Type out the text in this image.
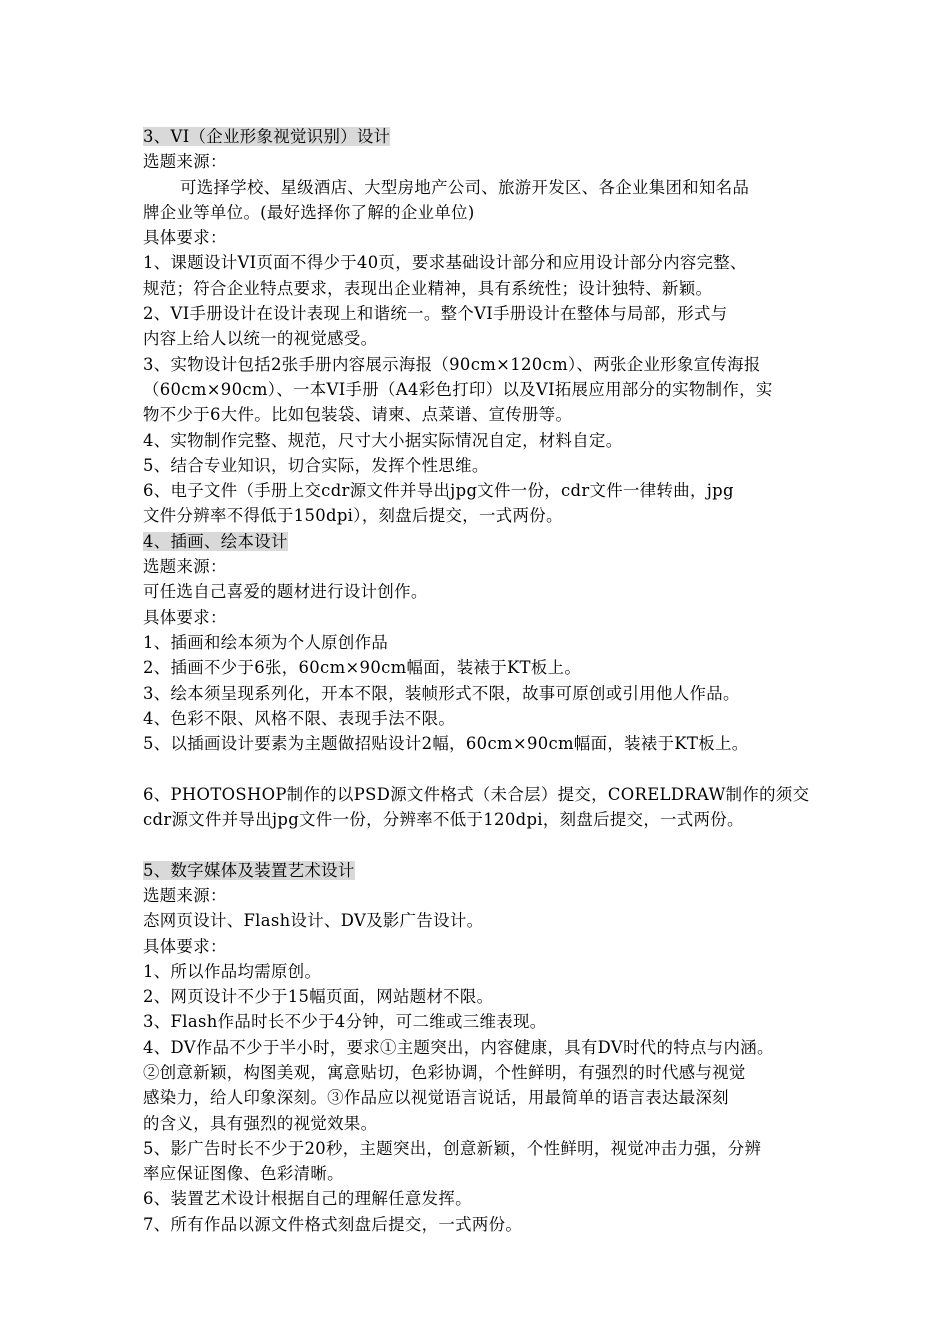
3、VI（企业形象视觉识别）设计
选题来源：
可选择学校、星级酒店、大型房地产公司、旅游开发区、各企业集团和知名品
牌企业等单位。(最好选择你了解的企业单位)
具体要求：
1、课题设计VI页面不得少于40页，要求基础设计部分和应用设计部分内容完整、
规范；符合企业特点要求，表现出企业精神，具有系统性；设计独特、新颖。
2、VI手册设计在设计表现上和谐统一。整个VI手册设计在整体与局部，形式与
内容上给人以统一的视觉感受。
3、实物设计包括2张手册内容展示海报（90cm×120cm）、两张企业形象宣传海报
（60cm×90cm）、一本VI手册（A4彩色打印）以及VI拓展应用部分的实物制作，实
物不少于6大件。比如包装袋、请柬、点菜谱、宣传册等。
4、实物制作完整、规范，尺寸大小据实际情况自定，材料自定。
5、结合专业知识，切合实际，发挥个性思维。
6、电子文件（手册上交cdr源文件并导出jpg文件一份，cdr文件一律转曲，jpg
文件分辨率不得低于150dpi），刻盘后提交，一式两份。
4、插画、绘本设计
选题来源：
可任选自己喜爱的题材进行设计创作。
具体要求：
1、插画和绘本须为个人原创作品
2、插画不少于6张，60cm×90cm幅面，装裱于KT板上。
3、绘本须呈现系列化，开本不限，装帧形式不限，故事可原创或引用他人作品。
4、色彩不限、风格不限、表现手法不限。
5、以插画设计要素为主题做招贴设计2幅，60cm×90cm幅面，装裱于KT板上。
6、PHOTOSHOP制作的以PSD源文件格式（未合层）提交，CORELDRAW制作的须交
cdr源文件并导出jpg文件一份，分辨率不低于120dpi，刻盘后提交，一式两份。
5、数字媒体及装置艺术设计
选题来源：
态网页设计、Flash设计、DV及影广告设计。
具体要求：
1、所以作品均需原创。
2、网页设计不少于15幅页面，网站题材不限。
3、Flash作品时长不少于4分钟，可二维或三维表现。
4、DV作品不少于半小时，要求①主题突出，内容健康，具有DV时代的特点与内涵。
②创意新颖，构图美观，寓意贴切，色彩协调，个性鲜明，有强烈的时代感与视觉
感染力，给人印象深刻。③作品应以视觉语言说话，用最简单的语言表达最深刻
的含义，具有强烈的视觉效果。
5、影广告时长不少于20秒，主题突出，创意新颖，个性鲜明，视觉冲击力强，分辨
率应保证图像、色彩清晰。
6、装置艺术设计根据自己的理解任意发挥。
7、所有作品以源文件格式刻盘后提交，一式两份。
